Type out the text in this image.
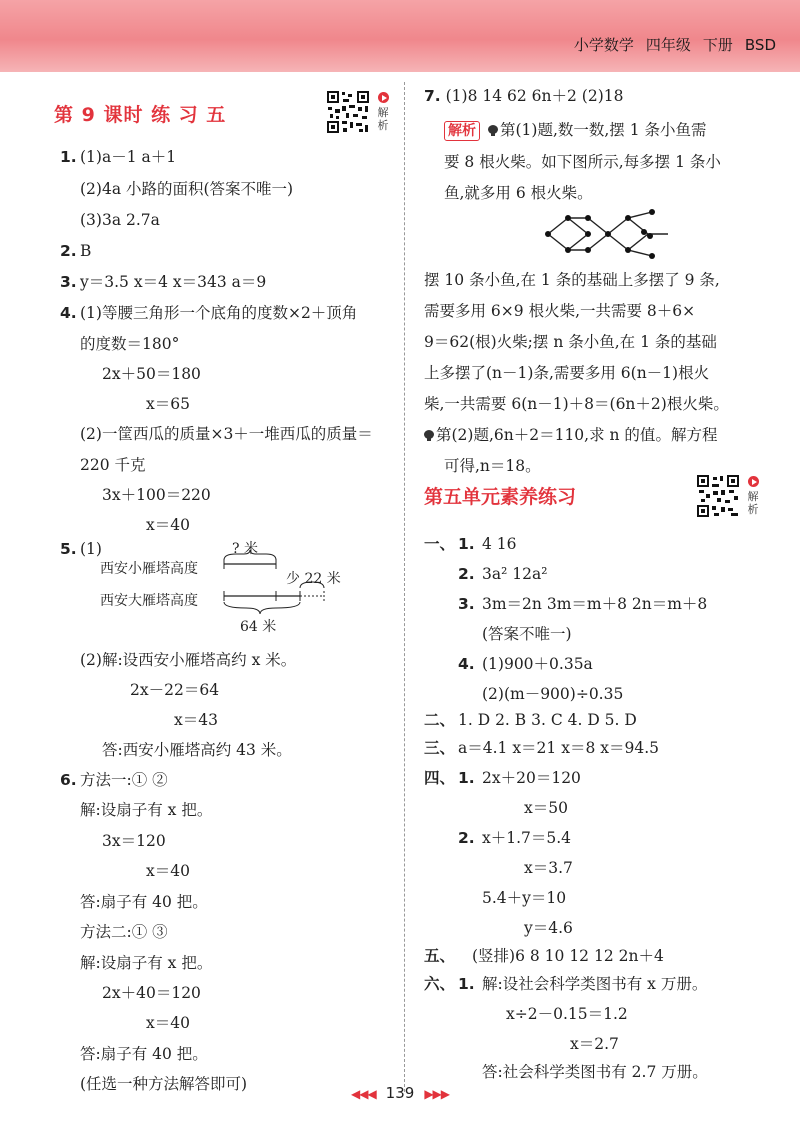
小学数学 四年级 下册 BSD
第 9 课时 练 习 五	解析
1. (1)a－1 a＋1
(2)4a 小路的面积(答案不唯一)
(3)3a 2.7a
2. B
3. y＝3.5 x＝4 x＝343 a＝9
4. (1)等腰三角形一个底角的度数×2＋顶角
的度数＝180°
2x＋50＝180
x＝65
(2)一筐西瓜的质量×3＋一堆西瓜的质量＝
220 千克
3x＋100＝220
x＝40
5. (1)
(2)解:设西安小雁塔高约 x 米。
2x－22＝64
x＝43
答:西安小雁塔高约 43 米。
6. 方法一:① ②
解:设扇子有 x 把。
3x＝120
x＝40
答:扇子有 40 把。
方法二:① ③
解:设扇子有 x 把。
2x＋40＝120
x＝40
答:扇子有 40 把。
(任选一种方法解答即可)
西安小雁塔高度
西安大雁塔高度
? 米
少 22 米
64 米
7. (1)8 14 62 6n＋2 (2)18
解析 第(1)题,数一数,摆 1 条小鱼需
要 8 根火柴。如下图所示,每多摆 1 条小
鱼,就多用 6 根火柴。
摆 10 条小鱼,在 1 条的基础上多摆了 9 条,
需要多用 6×9 根火柴,一共需要 8＋6×
9＝62(根)火柴;摆 n 条小鱼,在 1 条的基础
上多摆了(n－1)条,需要多用 6(n－1)根火
柴,一共需要 6(n－1)＋8＝(6n＋2)根火柴。
第(2)题,6n＋2＝110,求 n 的值。解方程
可得,n＝18。
第五单元素养练习	解析
一、 1. 4 16
2. 3a² 12a²
3. 3m＝2n 3m＝m＋8 2n＝m＋8
(答案不唯一)
4. (1)900＋0.35a
(2)(m－900)÷0.35
二、 1. D 2. B 3. C 4. D 5. D
三、 a＝4.1 x＝21 x＝8 x＝94.5
四、 1. 2x＋20＝120
x＝50
2. x＋1.7＝5.4
x＝3.7
5.4＋y＝10
y＝4.6
五、 (竖排)6 8 10 12 12 2n＋4
六、 1. 解:设社会科学类图书有 x 万册。
x÷2－0.15＝1.2
x＝2.7
答:社会科学类图书有 2.7 万册。
◀◀◀ 139 ▶▶▶
